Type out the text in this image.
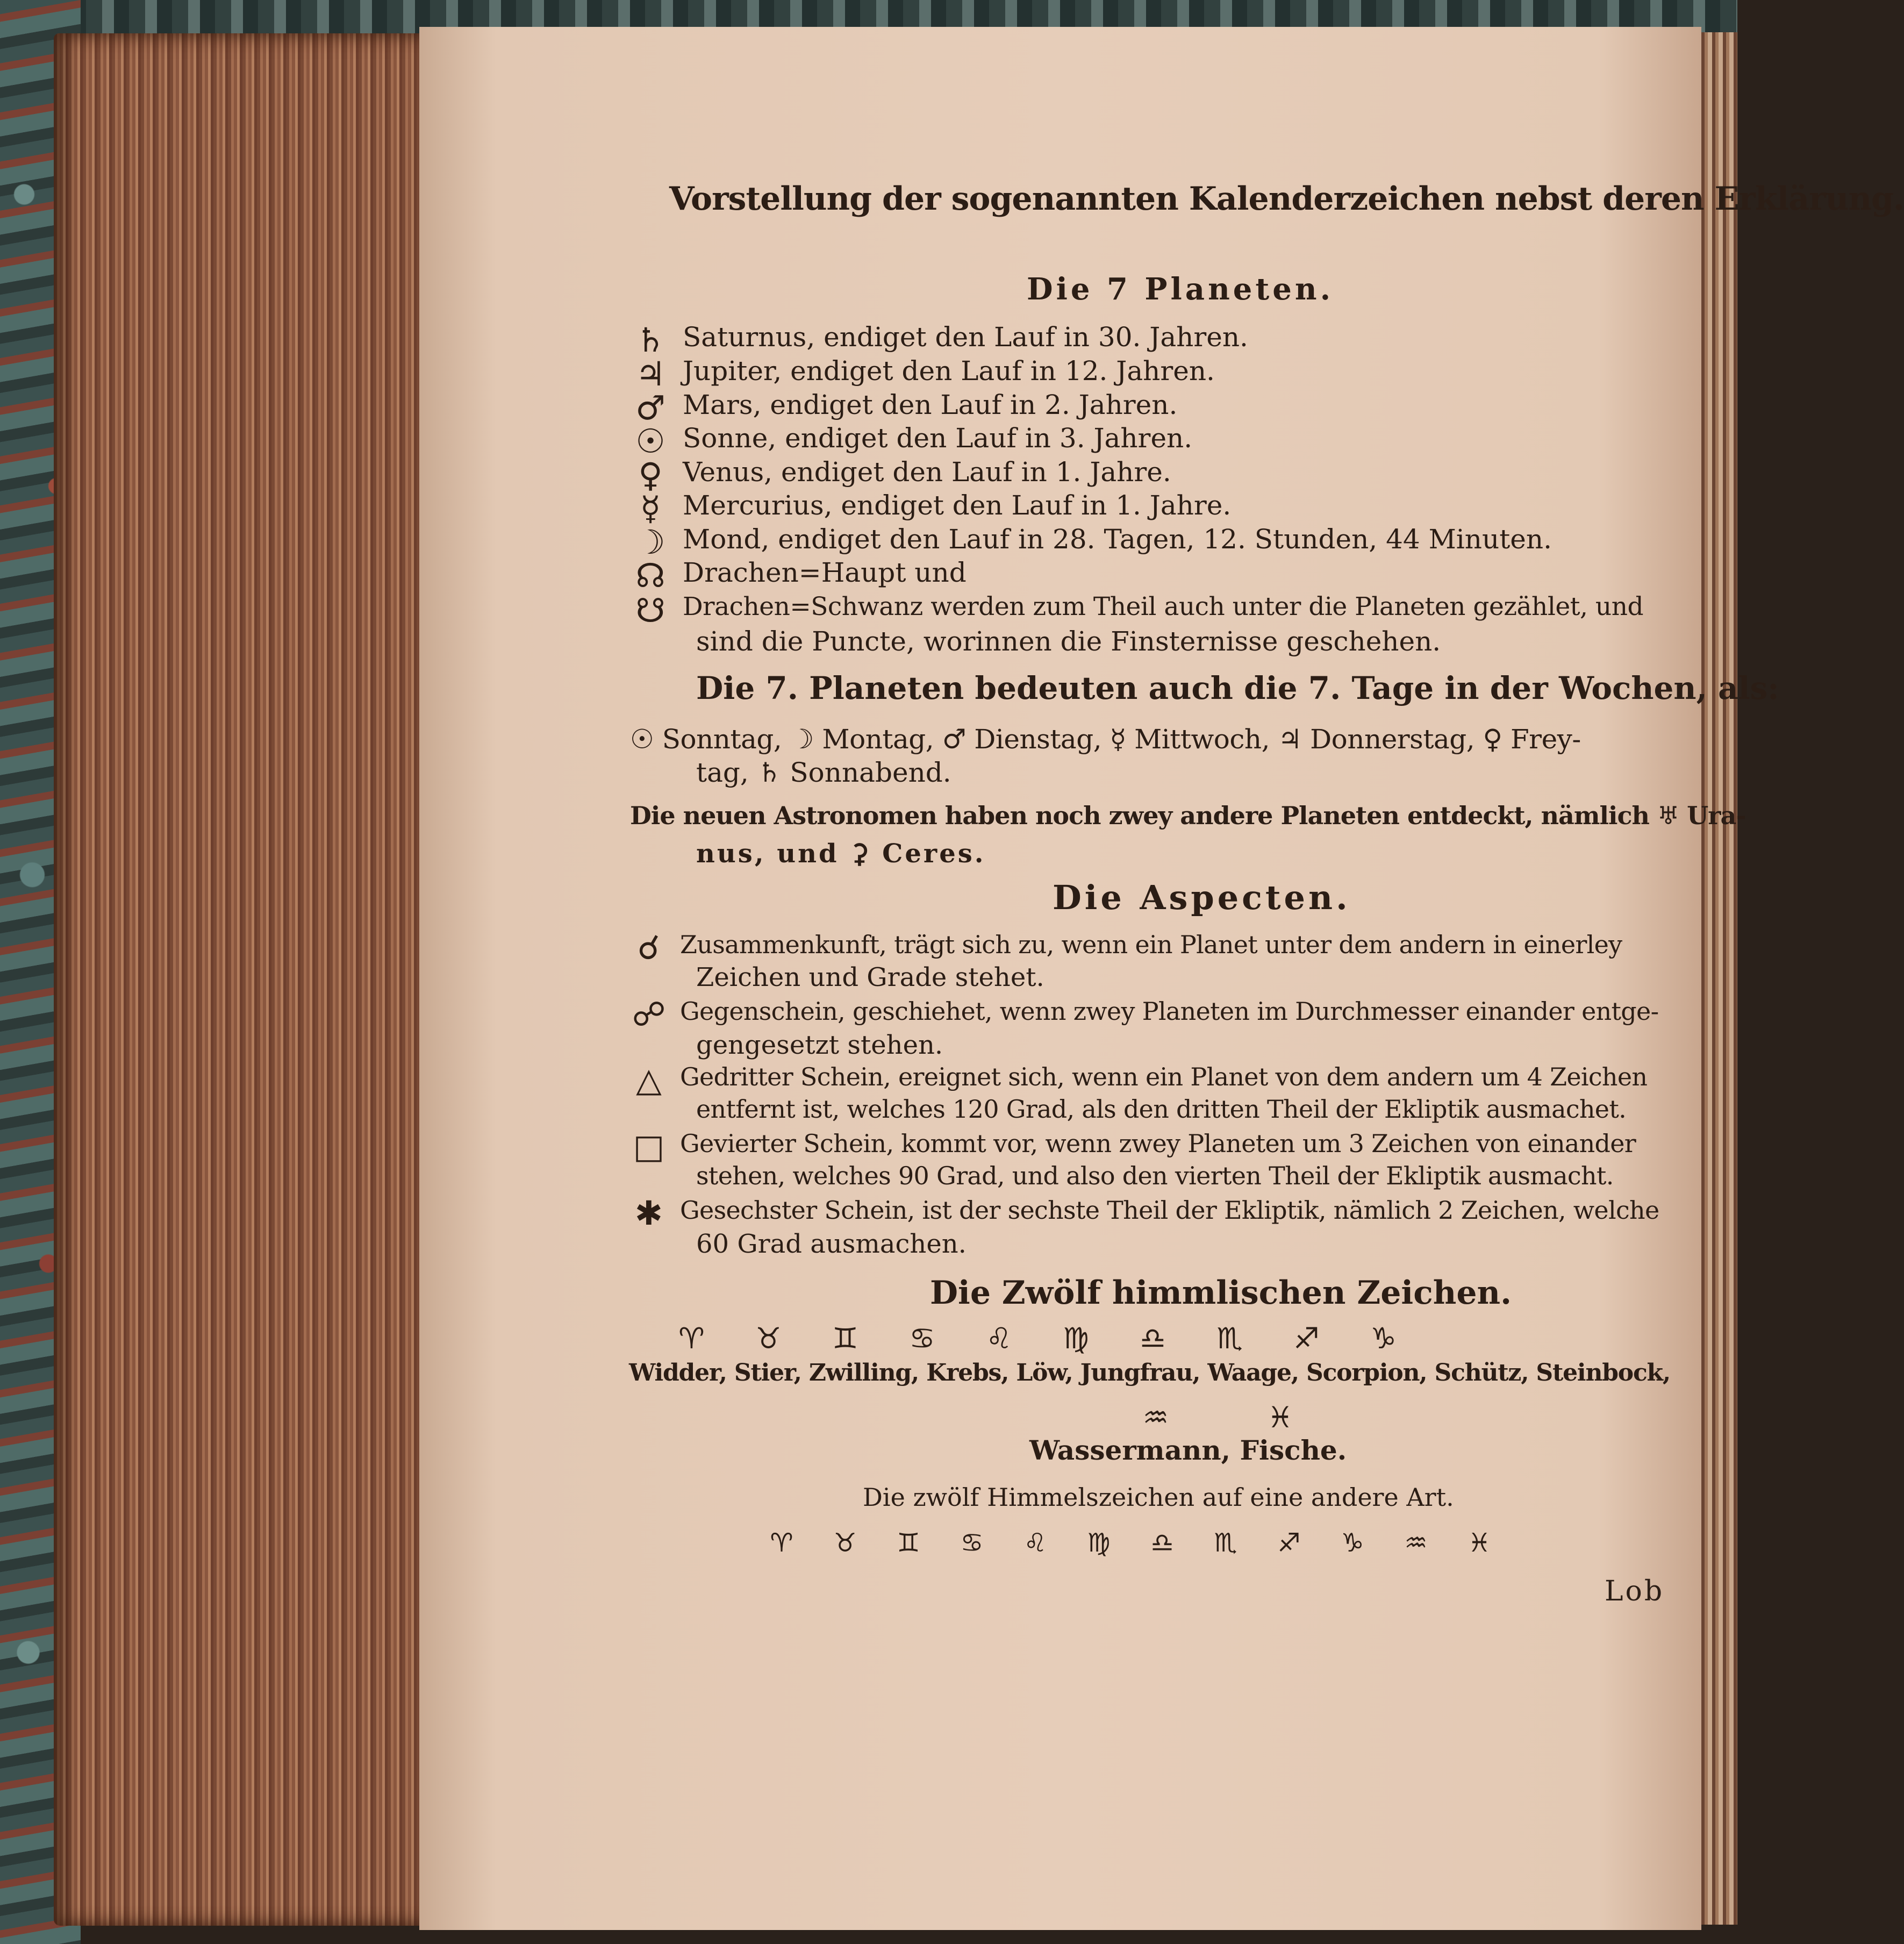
Vorstellung der sogenannten Kalenderzeichen nebst deren Erklärung.
Die 7 Planeten.
♄ Saturnus, endiget den Lauf in 30. Jahren.
♃ Jupiter, endiget den Lauf in 12. Jahren.
♂ Mars, endiget den Lauf in 2. Jahren.
☉ Sonne, endiget den Lauf in 3. Jahren.
♀ Venus, endiget den Lauf in 1. Jahre.
☿ Mercurius, endiget den Lauf in 1. Jahre.
☽ Mond, endiget den Lauf in 28. Tagen, 12. Stunden, 44 Minuten.
☊ Drachen=Haupt und
☋ Drachen=Schwanz werden zum Theil auch unter die Planeten gezählet, und
sind die Puncte, worinnen die Finsternisse geschehen.
Die 7. Planeten bedeuten auch die 7. Tage in der Wochen, als:
☉ Sonntag, ☽ Montag, ♂ Dienstag, ☿ Mittwoch, ♃ Donnerstag, ♀ Frey-
tag, ♄ Sonnabend.
Die neuen Astronomen haben noch zwey andere Planeten entdeckt, nämlich ♅ Ura-
nus, und ⚳ Ceres.
Die Aspecten.
☌ Zusammenkunft, trägt sich zu, wenn ein Planet unter dem andern in einerley
Zeichen und Grade stehet.
☍ Gegenschein, geschiehet, wenn zwey Planeten im Durchmesser einander entge-
gengesetzt stehen.
△ Gedritter Schein, ereignet sich, wenn ein Planet von dem andern um 4 Zeichen
entfernt ist, welches 120 Grad, als den dritten Theil der Ekliptik ausmachet.
□ Gevierter Schein, kommt vor, wenn zwey Planeten um 3 Zeichen von einander
stehen, welches 90 Grad, und also den vierten Theil der Ekliptik ausmacht.
✱ Gesechster Schein, ist der sechste Theil der Ekliptik, nämlich 2 Zeichen, welche
60 Grad ausmachen.
Die Zwölf himmlischen Zeichen.
♈ ♉ ♊ ♋ ♌ ♍ ♎ ♏ ♐ ♑
Widder, Stier, Zwilling, Krebs, Löw, Jungfrau, Waage, Scorpion, Schütz, Steinbock,
♒	♓
Wassermann, Fische.
Die zwölf Himmelszeichen auf eine andere Art.
♈ ♉ ♊ ♋ ♌ ♍ ♎ ♏ ♐ ♑ ♒ ♓
Lob
